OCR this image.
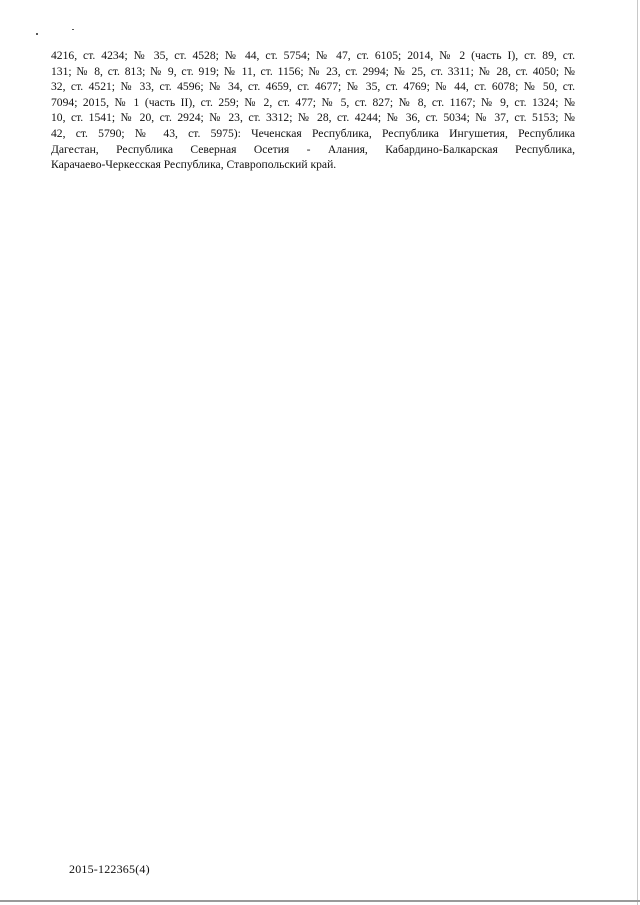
4216, ст. 4234; № 35, ст. 4528; № 44, ст. 5754; № 47, ст. 6105; 2014, № 2 (часть I), ст. 89, ст.
131; № 8, ст. 813; № 9, ст. 919; № 11, ст. 1156; № 23, ст. 2994; № 25, ст. 3311; № 28, ст. 4050; №
32, ст. 4521; № 33, ст. 4596; № 34, ст. 4659, ст. 4677; № 35, ст. 4769; № 44, ст. 6078; № 50, ст.
7094; 2015, № 1 (часть II), ст. 259; № 2, ст. 477; № 5, ст. 827; № 8, ст. 1167; № 9, ст. 1324; №
10, ст. 1541; № 20, ст. 2924; № 23, ст. 3312; № 28, ст. 4244; № 36, ст. 5034; № 37, ст. 5153; №
42, ст. 5790; № 43, ст. 5975): Чеченская Республика, Республика Ингушетия, Республика
Дагестан, Республика Северная Осетия - Алания, Кабардино-Балкарская Республика,
Карачаево-Черкесская Республика, Ставропольский край.

2015-122365(4)
